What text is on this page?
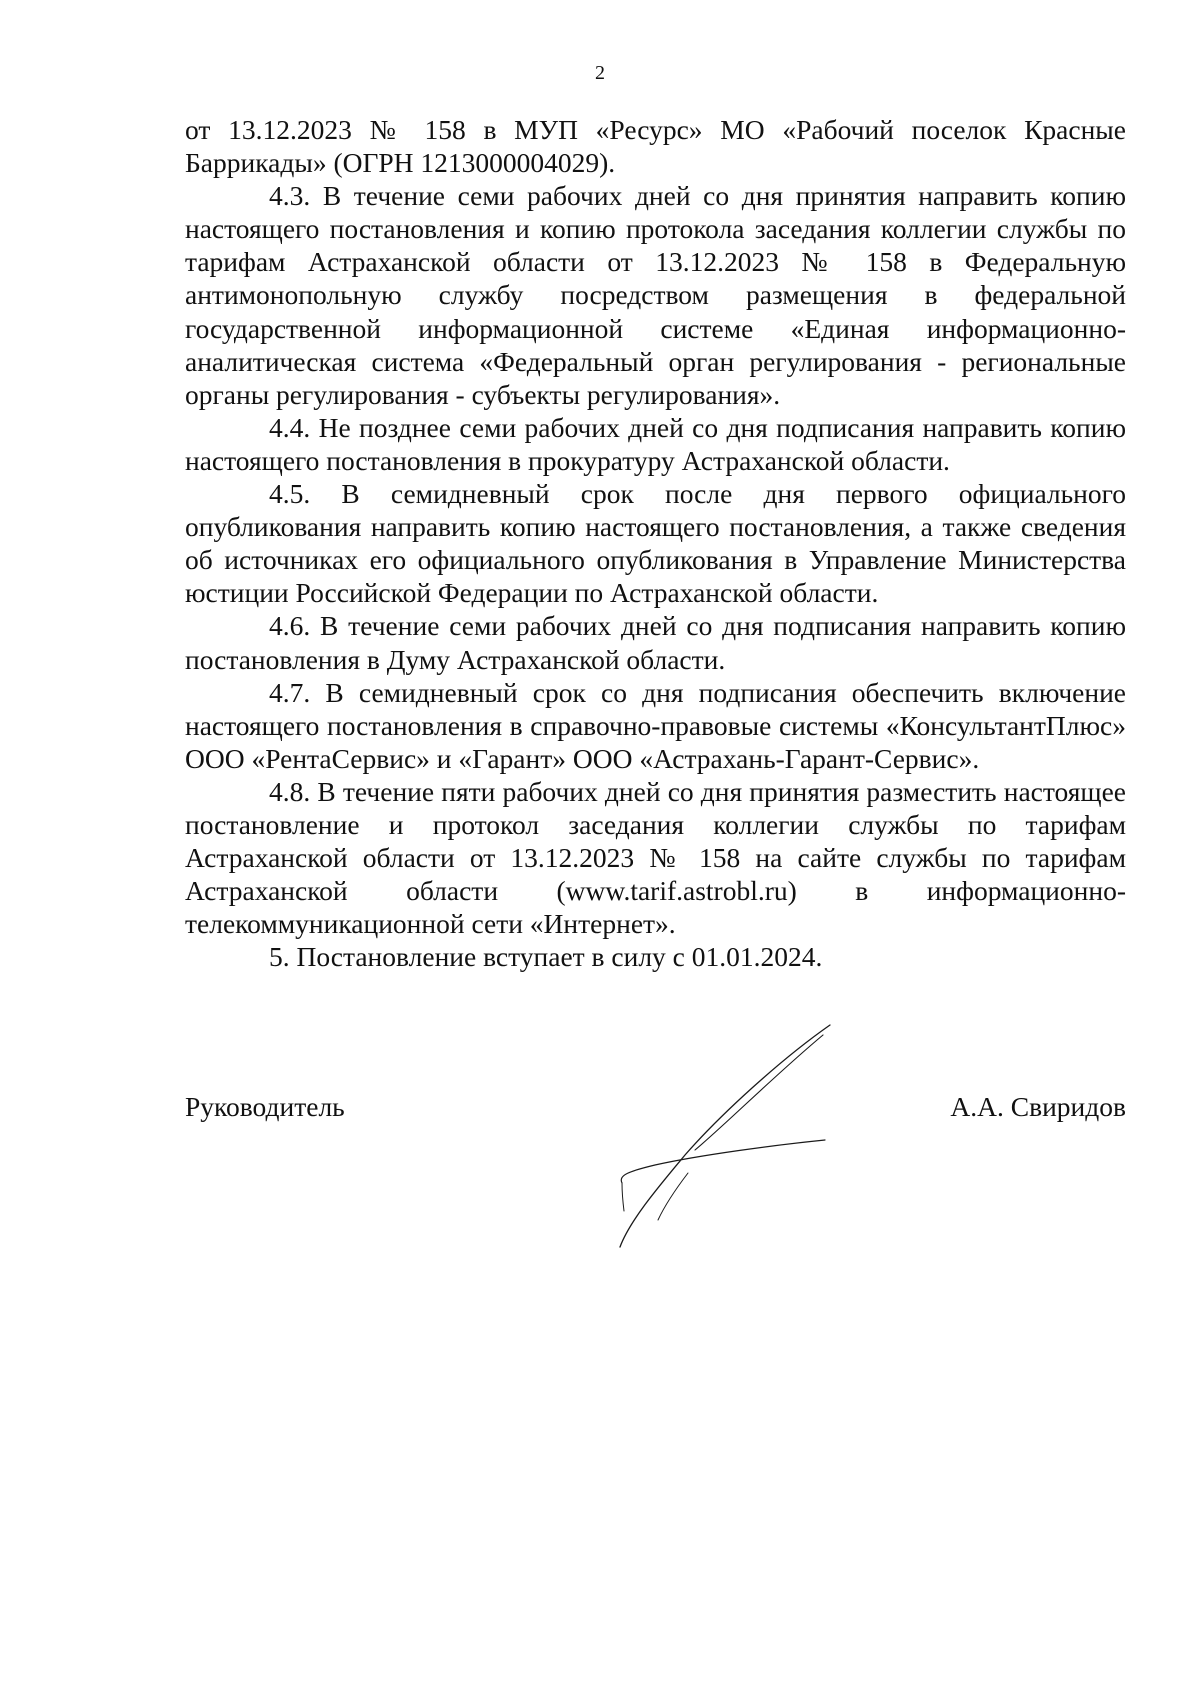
2

от 13.12.2023 № 158 в МУП «Ресурс» МО «Рабочий поселок Красные Баррикады» (ОГРН 1213000004029).

4.3. В течение семи рабочих дней со дня принятия направить копию настоящего постановления и копию протокола заседания коллегии службы по тарифам Астраханской области от 13.12.2023 № 158 в Федеральную антимонопольную службу посредством размещения в федеральной государственной информационной системе «Единая информационно-аналитическая система «Федеральный орган регулирования - региональные органы регулирования - субъекты регулирования».

4.4. Не позднее семи рабочих дней со дня подписания направить копию настоящего постановления в прокуратуру Астраханской области.

4.5. В семидневный срок после дня первого официального опубликования направить копию настоящего постановления, а также сведения об источниках его официального опубликования в Управление Министерства юстиции Российской Федерации по Астраханской области.

4.6. В течение семи рабочих дней со дня подписания направить копию постановления в Думу Астраханской области.

4.7. В семидневный срок со дня подписания обеспечить включение настоящего постановления в справочно-правовые системы «КонсультантПлюс» ООО «РентаСервис» и «Гарант» ООО «Астрахань-Гарант-Сервис».

4.8. В течение пяти рабочих дней со дня принятия разместить настоящее постановление и протокол заседания коллегии службы по тарифам Астраханской области от 13.12.2023 № 158 на сайте службы по тарифам Астраханской области (www.tarif.astrobl.ru) в информационно-телекоммуникационной сети «Интернет».

5. Постановление вступает в силу с 01.01.2024.

Руководитель	А.А. Свиридов
